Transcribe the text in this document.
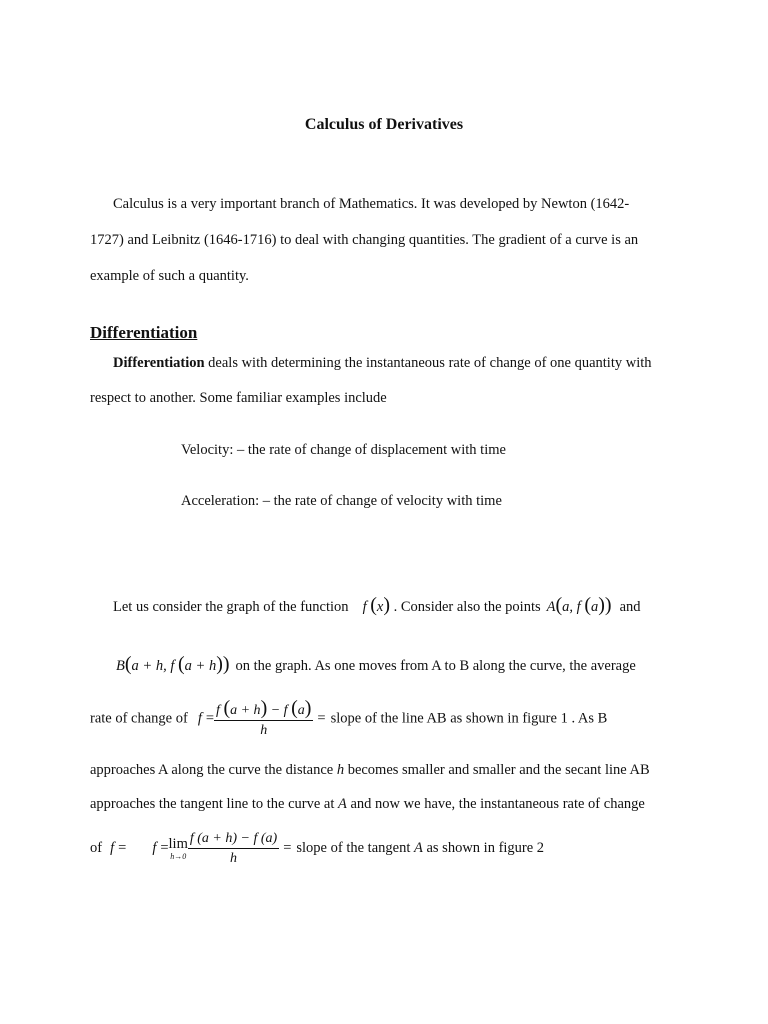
Calculus of Derivatives
Calculus is a very important branch of Mathematics. It was developed by Newton (1642-
1727) and Leibnitz (1646-1716) to deal with changing quantities. The gradient of a curve is an
example of such a quantity.
Differentiation
Differentiation deals with determining the instantaneous rate of change of one quantity with
respect to another. Some familiar examples include
Velocity: – the rate of change of displacement with time
Acceleration: – the rate of change of velocity with time
Let us consider the graph of the function f (x) . Consider also the points A(a, f (a)) and
B(a + h, f (a + h)) on the graph. As one moves from A to B along the curve, the average
rate of change of $f = \frac{f (a + h) - f (a)}{h}$ = slope of the line AB as shown in figure 1 . As B
approaches A along the curve the distance h becomes smaller and smaller and the secant line AB
approaches the tangent line to the curve at A and now we have, the instantaneous rate of change
of f = f = lim
$h\to 0 \frac{f (a + h) - f (a)}{h}$ = slope of the tangent A as shown in figure 2
